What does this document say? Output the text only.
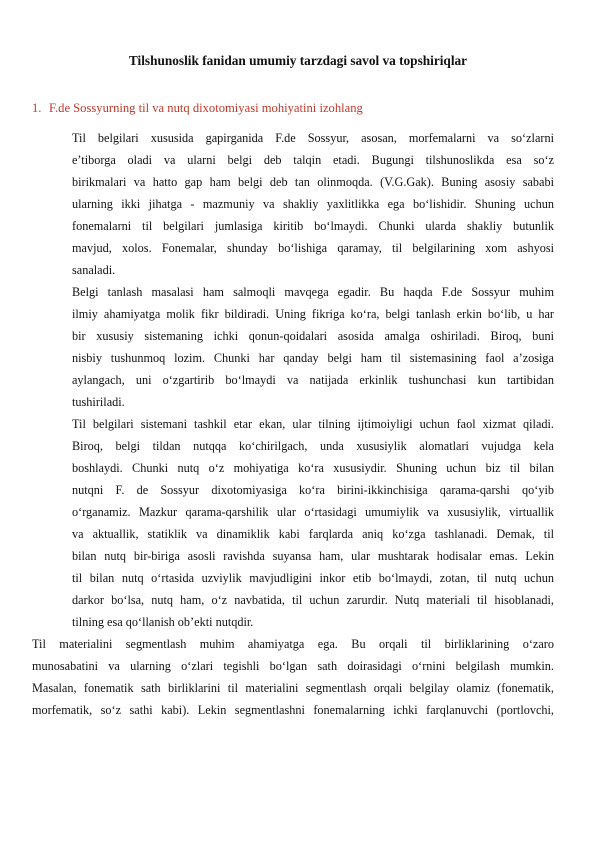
Tilshunoslik fanidan umumiy tarzdagi savol va topshiriqlar
1. F.de Sossyurning til va nutq dixotomiyasi mohiyatini izohlang
Til belgilari xususida gapirganida F.de Sossyur, asosan, morfemalarni va so‘zlarni
e’tiborga oladi va ularni belgi deb talqin etadi. Bugungi tilshunoslikda esa so‘z
birikmalari va hatto gap ham belgi deb tan olinmoqda. (V.G.Gak). Buning asosiy sababi
ularning ikki jihatga - mazmuniy va shakliy yaxlitlikka ega bo‘lishidir. Shuning uchun
fonemalarni til belgilari jumlasiga kiritib bo‘lmaydi. Chunki ularda shakliy butunlik
mavjud, xolos. Fonemalar, shunday bo‘lishiga qaramay, til belgilarining xom ashyosi
sanaladi.
Belgi tanlash masalasi ham salmoqli mavqega egadir. Bu haqda F.de Sossyur muhim
ilmiy ahamiyatga molik fikr bildiradi. Uning fikriga ko‘ra, belgi tanlash erkin bo‘lib, u har
bir xususiy sistemaning ichki qonun-qoidalari asosida amalga oshiriladi. Biroq, buni
nisbiy tushunmoq lozim. Chunki har qanday belgi ham til sistemasining faol a’zosiga
aylangach, uni o‘zgartirib bo‘lmaydi va natijada erkinlik tushunchasi kun tartibidan
tushiriladi.
Til belgilari sistemani tashkil etar ekan, ular tilning ijtimoiyligi uchun faol xizmat qiladi.
Biroq, belgi tildan nutqqa ko‘chirilgach, unda xususiylik alomatlari vujudga kela
boshlaydi. Chunki nutq o‘z mohiyatiga ko‘ra xususiydir. Shuning uchun biz til bilan
nutqni F. de Sossyur dixotomiyasiga ko‘ra birini-ikkinchisiga qarama-qarshi qo‘yib
o‘rganamiz. Mazkur qarama-qarshilik ular o‘rtasidagi umumiylik va xususiylik, virtuallik
va aktuallik, statiklik va dinamiklik kabi farqlarda aniq ko‘zga tashlanadi. Demak, til
bilan nutq bir-biriga asosli ravishda suyansa ham, ular mushtarak hodisalar emas. Lekin
til bilan nutq o‘rtasida uzviylik mavjudligini inkor etib bo‘lmaydi, zotan, til nutq uchun
darkor bo‘lsa, nutq ham, o‘z navbatida, til uchun zarurdir. Nutq materiali til hisoblanadi,
tilning esa qo‘llanish ob’ekti nutqdir.
Til materialini segmentlash muhim ahamiyatga ega. Bu orqali til birliklarining o‘zaro
munosabatini va ularning o‘zlari tegishli bo‘lgan sath doirasidagi o‘rnini belgilash mumkin.
Masalan, fonematik sath birliklarini til materialini segmentlash orqali belgilay olamiz (fonematik,
morfematik, so‘z sathi kabi). Lekin segmentlashni fonemalarning ichki farqlanuvchi (portlovchi,
